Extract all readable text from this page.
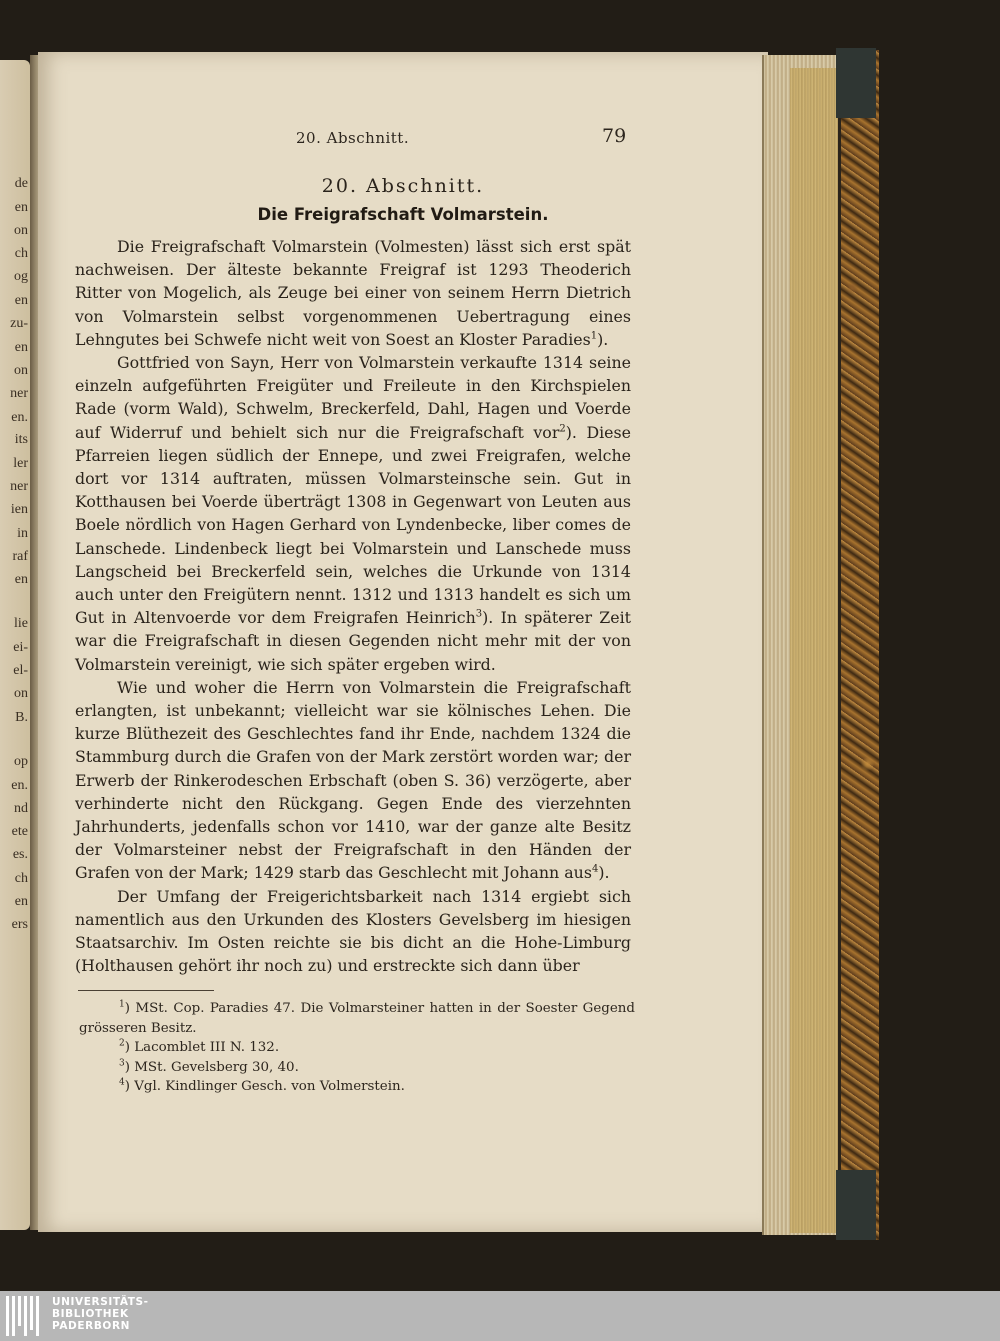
de
en
on
ch
og
en
zu-
en
on
ner
en.
its
ler
ner
ien
in
raf
en
lie
ei-
el-
on
B.
op
en.
nd
ete
es.
ch
en
ers
20. Abschnitt.	79
20. Abschnitt.
Die Freigrafschaft Volmarstein.

Die Freigrafschaft Volmarstein (Volmesten) lässt sich erst spät nachweisen. Der älteste bekannte Freigraf ist 1293 Theoderich Ritter von Mogelich, als Zeuge bei einer von seinem Herrn Dietrich von Volmarstein selbst vorgenommenen Uebertragung eines Lehngutes bei Schwefe nicht weit von Soest an Kloster Paradies$^1$).

Gottfried von Sayn, Herr von Volmarstein verkaufte 1314 seine einzeln aufgeführten Freigüter und Freileute in den Kirchspielen Rade (vorm Wald), Schwelm, Breckerfeld, Dahl, Hagen und Voerde auf Widerruf und behielt sich nur die Freigrafschaft vor$^2$). Diese Pfarreien liegen südlich der Ennepe, und zwei Freigrafen, welche dort vor 1314 auftraten, müssen Volmarsteinsche sein. Gut in Kotthausen bei Voerde überträgt 1308 in Gegenwart von Leuten aus Boele nördlich von Hagen Gerhard von Lyndenbecke, liber comes de Lanschede. Lindenbeck liegt bei Volmarstein und Lanschede muss Langscheid bei Breckerfeld sein, welches die Urkunde von 1314 auch unter den Freigütern nennt. 1312 und 1313 handelt es sich um Gut in Altenvoerde vor dem Freigrafen Heinrich$^3$). In späterer Zeit war die Freigrafschaft in diesen Gegenden nicht mehr mit der von Volmarstein vereinigt, wie sich später ergeben wird.

Wie und woher die Herrn von Volmarstein die Freigrafschaft erlangten, ist unbekannt; vielleicht war sie kölnisches Lehen. Die kurze Blüthezeit des Geschlechtes fand ihr Ende, nachdem 1324 die Stammburg durch die Grafen von der Mark zerstört worden war; der Erwerb der Rinkerodeschen Erbschaft (oben S. 36) verzögerte, aber verhinderte nicht den Rückgang. Gegen Ende des vierzehnten Jahrhunderts, jedenfalls schon vor 1410, war der ganze alte Besitz der Volmarsteiner nebst der Freigrafschaft in den Händen der Grafen von der Mark; 1429 starb das Geschlecht mit Johann aus$^4$).

Der Umfang der Freigerichtsbarkeit nach 1314 ergiebt sich namentlich aus den Urkunden des Klosters Gevelsberg im hiesigen Staatsarchiv. Im Osten reichte sie bis dicht an die Hohe-Limburg (Holthausen gehört ihr noch zu) und erstreckte sich dann über

$^1$) MSt. Cop. Paradies 47. Die Volmarsteiner hatten in der Soester Gegend grösseren Besitz.

$^2$) Lacomblet III N. 132.

$^3$) MSt. Gevelsberg 30, 40.

$^4$) Vgl. Kindlinger Gesch. von Volmerstein.

UNIVERSITÄTS-
BIBLIOTHEK
PADERBORN
